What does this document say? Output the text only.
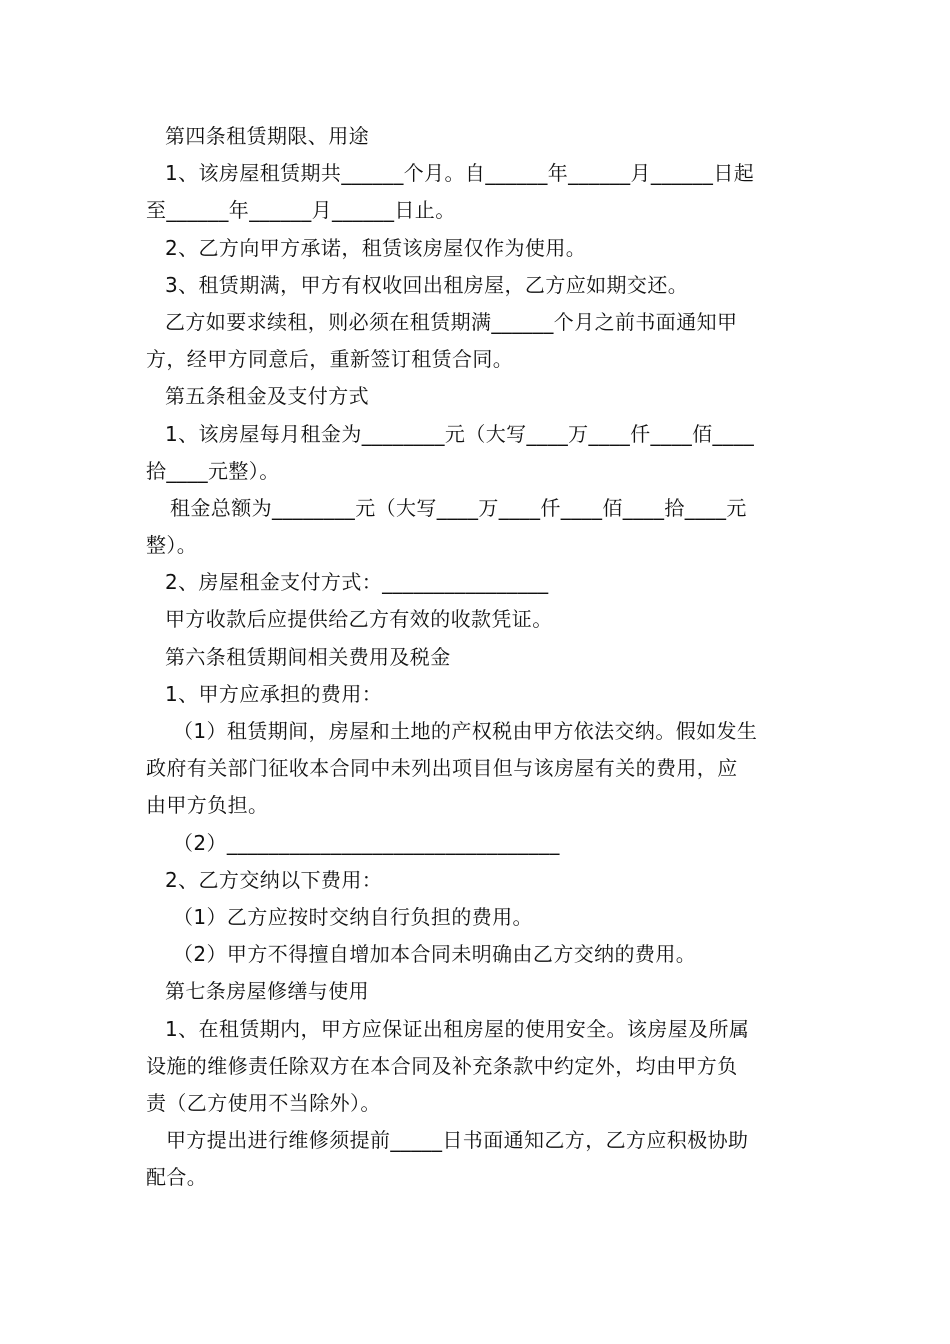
第四条租赁期限、用途
1、该房屋租赁期共______个月。自______年______月______日起
至______年______月______日止。
2、乙方向甲方承诺，租赁该房屋仅作为使用。
3、租赁期满，甲方有权收回出租房屋，乙方应如期交还。
乙方如要求续租，则必须在租赁期满______个月之前书面通知甲
方，经甲方同意后，重新签订租赁合同。
第五条租金及支付方式
1、该房屋每月租金为________元（大写____万____仟____佰____
拾____元整）。
租金总额为________元（大写____万____仟____佰____拾____元
整）。
2、房屋租金支付方式：________________
甲方收款后应提供给乙方有效的收款凭证。
第六条租赁期间相关费用及税金
1、甲方应承担的费用：
（1）租赁期间，房屋和土地的产权税由甲方依法交纳。假如发生
政府有关部门征收本合同中未列出项目但与该房屋有关的费用，应
由甲方负担。
（2）________________________________
2、乙方交纳以下费用：
（1）乙方应按时交纳自行负担的费用。
（2）甲方不得擅自增加本合同未明确由乙方交纳的费用。
第七条房屋修缮与使用
1、在租赁期内，甲方应保证出租房屋的使用安全。该房屋及所属
设施的维修责任除双方在本合同及补充条款中约定外，均由甲方负
责（乙方使用不当除外）。
甲方提出进行维修须提前_____日书面通知乙方，乙方应积极协助
配合。
